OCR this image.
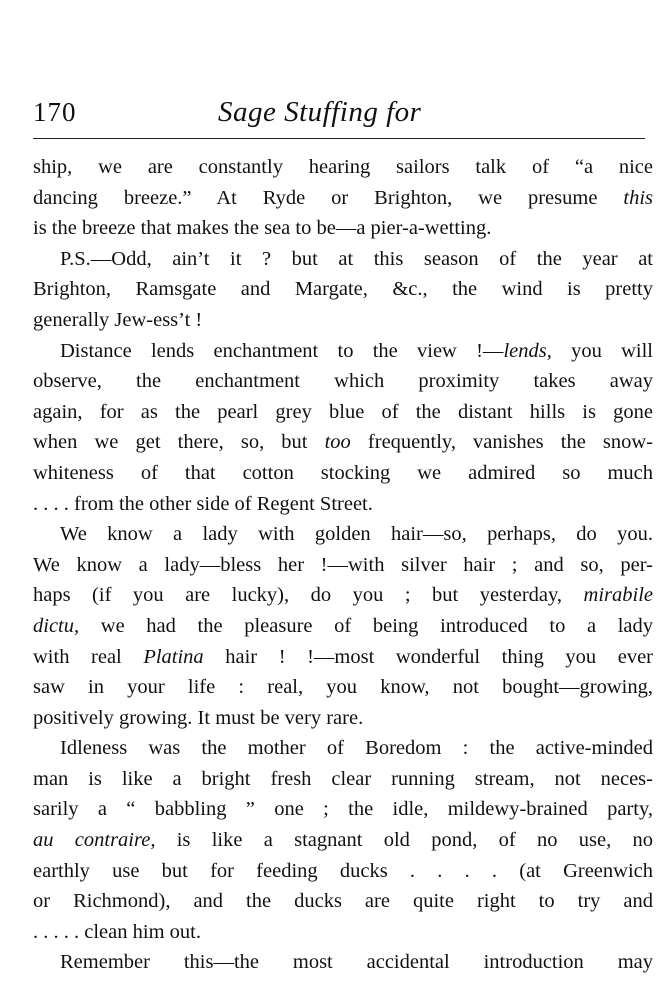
170	Sage Stuffing for
ship, we are constantly hearing sailors talk of “a nice
dancing breeze.” At Ryde or Brighton, we presume this
is the breeze that makes the sea to be—a pier-a-wetting.
P.S.—Odd, ain’t it ? but at this season of the year at
Brighton, Ramsgate and Margate, &c., the wind is pretty
generally Jew-ess’t !
Distance lends enchantment to the view !—lends, you will
observe, the enchantment which proximity takes away
again, for as the pearl grey blue of the distant hills is gone
when we get there, so, but too frequently, vanishes the snow-
whiteness of that cotton stocking we admired so much
. . . . from the other side of Regent Street.
We know a lady with golden hair—so, perhaps, do you.
We know a lady—bless her !—with silver hair ; and so, per-
haps (if you are lucky), do you ; but yesterday, mirabile
dictu, we had the pleasure of being introduced to a lady
with real Platina hair ! !—most wonderful thing you ever
saw in your life : real, you know, not bought—growing,
positively growing. It must be very rare.
Idleness was the mother of Boredom : the active-minded
man is like a bright fresh clear running stream, not neces-
sarily a “ babbling ” one ; the idle, mildewy-brained party,
au contraire, is like a stagnant old pond, of no use, no
earthly use but for feeding ducks . . . . (at Greenwich
or Richmond), and the ducks are quite right to try and
. . . . . clean him out.
Remember this—the most accidental introduction may
